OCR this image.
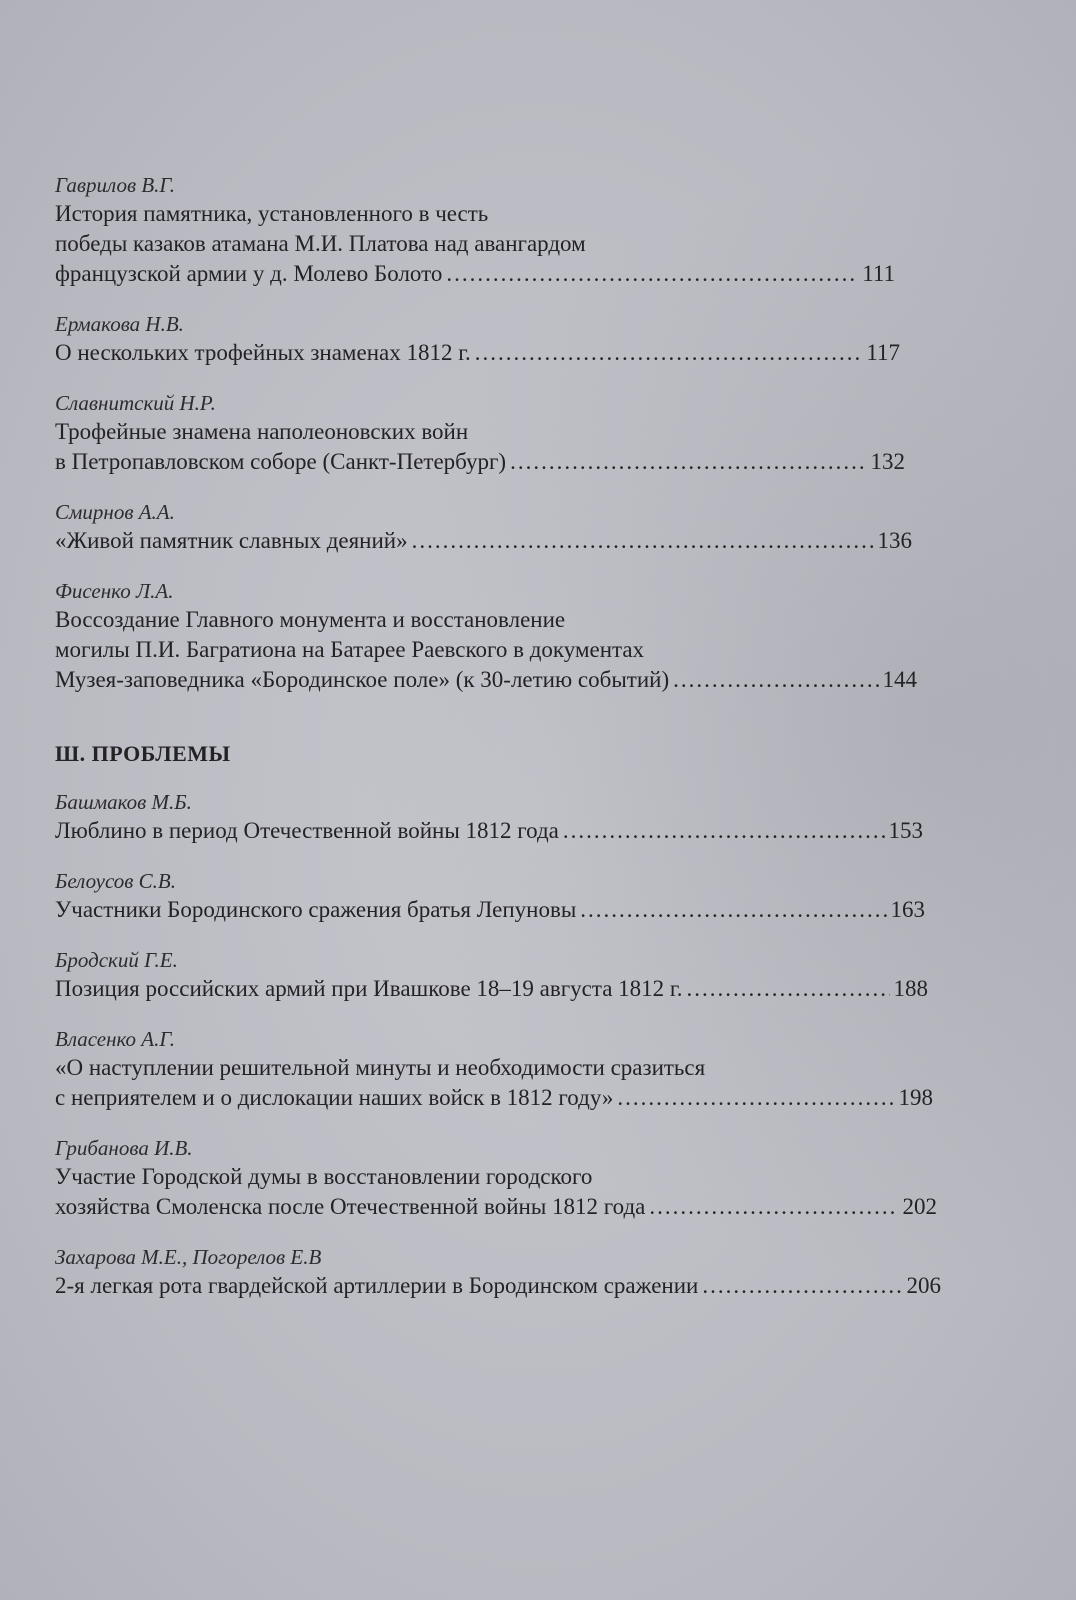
Гаврилов В.Г.
История памятника, установленного в честь
победы казаков атамана М.И. Платова над авангардом
французской армии у д. Молево Болото .....	111
Ермакова Н.В.
О нескольких трофейных знаменах 1812 г. .....	117
Славнитский Н.Р.
Трофейные знамена наполеоновских войн
в Петропавловском соборе (Санкт-Петербург) .....	132
Смирнов А.А.
«Живой памятник славных деяний» .....	136
Фисенко Л.А.
Воссоздание Главного монумента и восстановление
могилы П.И. Багратиона на Батарее Раевского в документах
Музея-заповедника «Бородинское поле» (к 30-летию событий) .....	144
Ш. ПРОБЛЕМЫ
Башмаков М.Б.
Люблино в период Отечественной войны 1812 года .....	153
Белоусов С.В.
Участники Бородинского сражения братья Лепуновы .....	163
Бродский Г.Е.
Позиция российских армий при Ивашкове 18–19 августа 1812 г. .....	188
Власенко А.Г.
«О наступлении решительной минуты и необходимости сразиться
с неприятелем и о дислокации наших войск в 1812 году» .....	198
Грибанова И.В.
Участие Городской думы в восстановлении городского
хозяйства Смоленска после Отечественной войны 1812 года .....	202
Захарова М.Е., Погорелов Е.В
2-я легкая рота гвардейской артиллерии в Бородинском сражении .....	206
